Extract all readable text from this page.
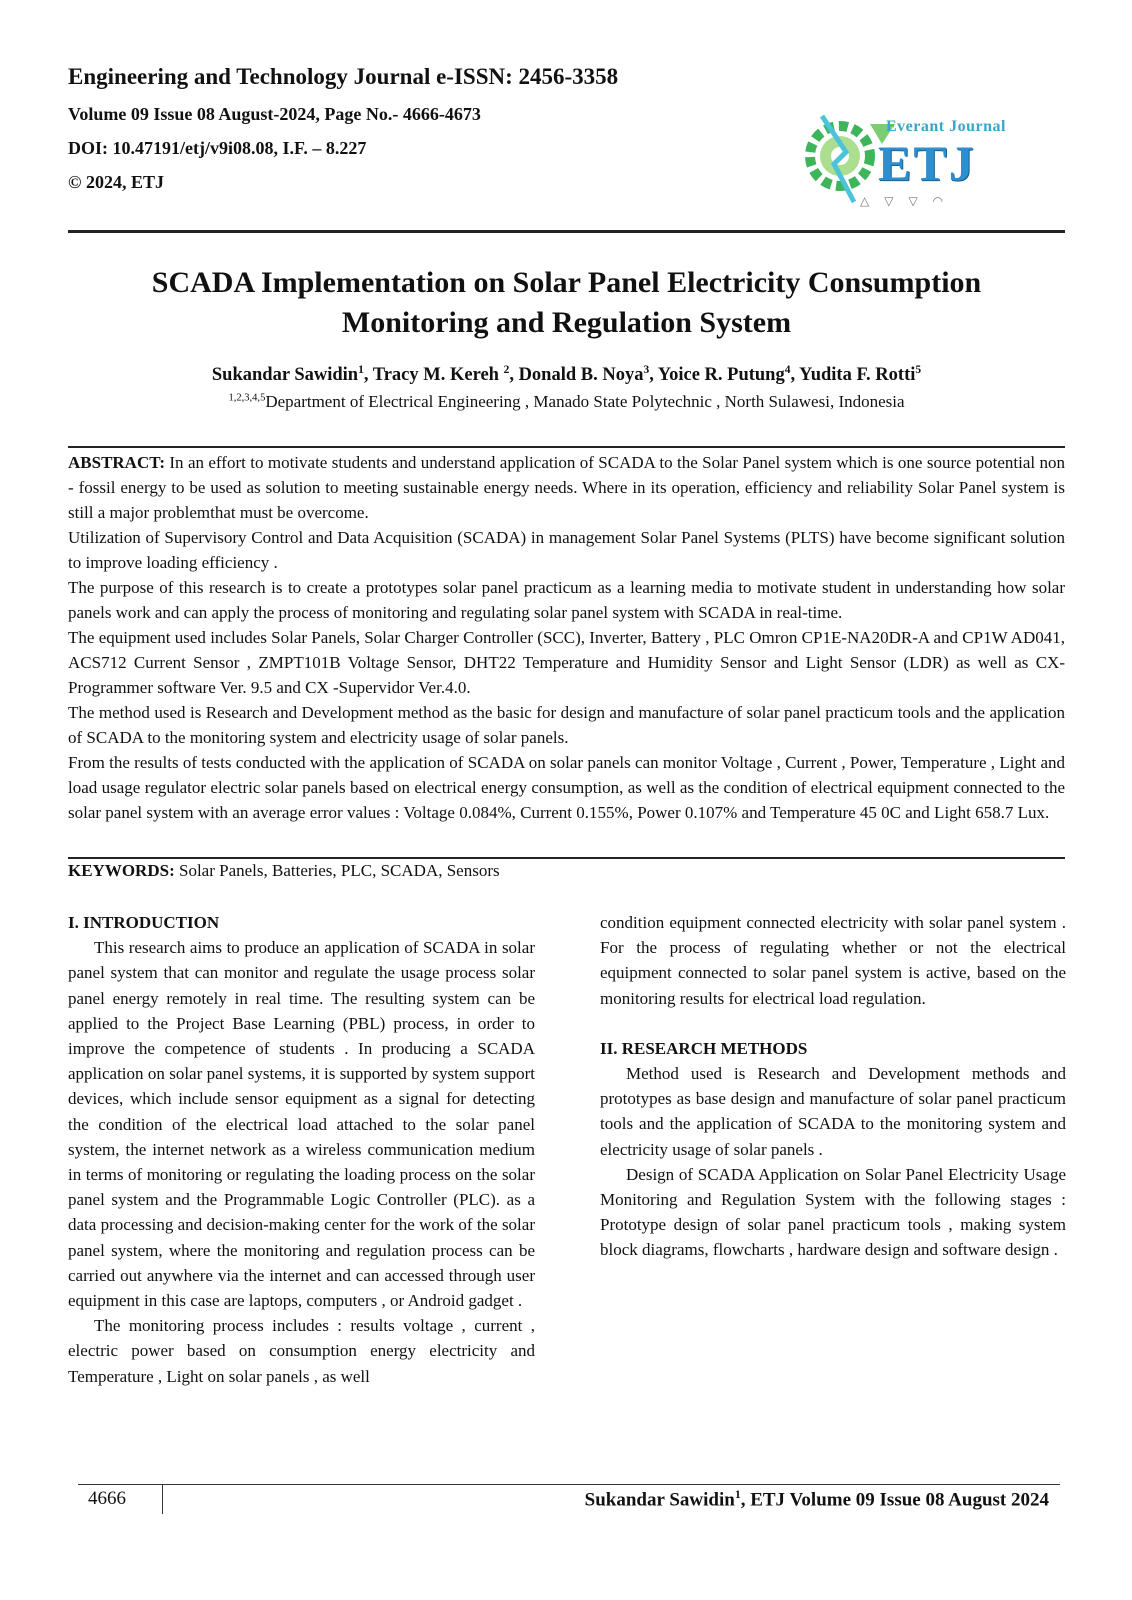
Engineering and Technology Journal e-ISSN: 2456-3358

Volume 09 Issue 08 August-2024, Page No.- 4666-4673

DOI: 10.47191/etj/v9i08.08, I.F. – 8.227

© 2024, ETJ

Everant Journal
ETJ
△ ▽ ▽ ◠
SCADA Implementation on Solar Panel Electricity Consumption
Monitoring and Regulation System
Sukandar Sawidin$^1$, Tracy M. Kereh $^2$, Donald B. Noya$^3$, Yoice R. Putung$^4$, Yudita F. Rotti$^5$
$^{1,2,3,4,5}$Department of Electrical Engineering , Manado State Polytechnic , North Sulawesi, Indonesia

ABSTRACT: In an effort to motivate students and understand application of SCADA to the Solar Panel system which is one source potential non - fossil energy to be used as solution to meeting sustainable energy needs. Where in its operation, efficiency and reliability Solar Panel system is still a major problemthat must be overcome.

Utilization of Supervisory Control and Data Acquisition (SCADA) in management Solar Panel Systems (PLTS) have become significant solution to improve loading efficiency .

The purpose of this research is to create a prototypes solar panel practicum as a learning media to motivate student in understanding how solar panels work and can apply the process of monitoring and regulating solar panel system with SCADA in real-time.

The equipment used includes Solar Panels, Solar Charger Controller (SCC), Inverter, Battery , PLC Omron CP1E-NA20DR-A and CP1W AD041, ACS712 Current Sensor , ZMPT101B Voltage Sensor, DHT22 Temperature and Humidity Sensor and Light Sensor (LDR) as well as CX- Programmer software Ver. 9.5 and CX -Supervidor Ver.4.0.

The method used is Research and Development method as the basic for design and manufacture of solar panel practicum tools and the application of SCADA to the monitoring system and electricity usage of solar panels.

From the results of tests conducted with the application of SCADA on solar panels can monitor Voltage , Current , Power, Temperature , Light and load usage regulator electric solar panels based on electrical energy consumption, as well as the condition of electrical equipment connected to the solar panel system with an average error values : Voltage 0.084%, Current 0.155%, Power 0.107% and Temperature 45 0C and Light 658.7 Lux.

KEYWORDS: Solar Panels, Batteries, PLC, SCADA, Sensors
I. INTRODUCTION

This research aims to produce an application of SCADA in solar panel system that can monitor and regulate the usage process solar panel energy remotely in real time. The resulting system can be applied to the Project Base Learning (PBL) process, in order to improve the competence of students . In producing a SCADA application on solar panel systems, it is supported by system support devices, which include sensor equipment as a signal for detecting the condition of the electrical load attached to the solar panel system, the internet network as a wireless communication medium in terms of monitoring or regulating the loading process on the solar panel system and the Programmable Logic Controller (PLC). as a data processing and decision-making center for the work of the solar panel system, where the monitoring and regulation process can be carried out anywhere via the internet and can accessed through user equipment in this case are laptops, computers , or Android gadget .

The monitoring process includes : results voltage , current , electric power based on consumption energy electricity and Temperature , Light on solar panels , as well

condition equipment connected electricity with solar panel system . For the process of regulating whether or not the electrical equipment connected to solar panel system is active, based on the monitoring results for electrical load regulation.

II. RESEARCH METHODS

Method used is Research and Development methods and prototypes as base design and manufacture of solar panel practicum tools and the application of SCADA to the monitoring system and electricity usage of solar panels .

Design of SCADA Application on Solar Panel Electricity Usage Monitoring and Regulation System with the following stages : Prototype design of solar panel practicum tools , making system block diagrams, flowcharts , hardware design and software design .

4666	Sukandar Sawidin$^1$, ETJ Volume 09 Issue 08 August 2024
